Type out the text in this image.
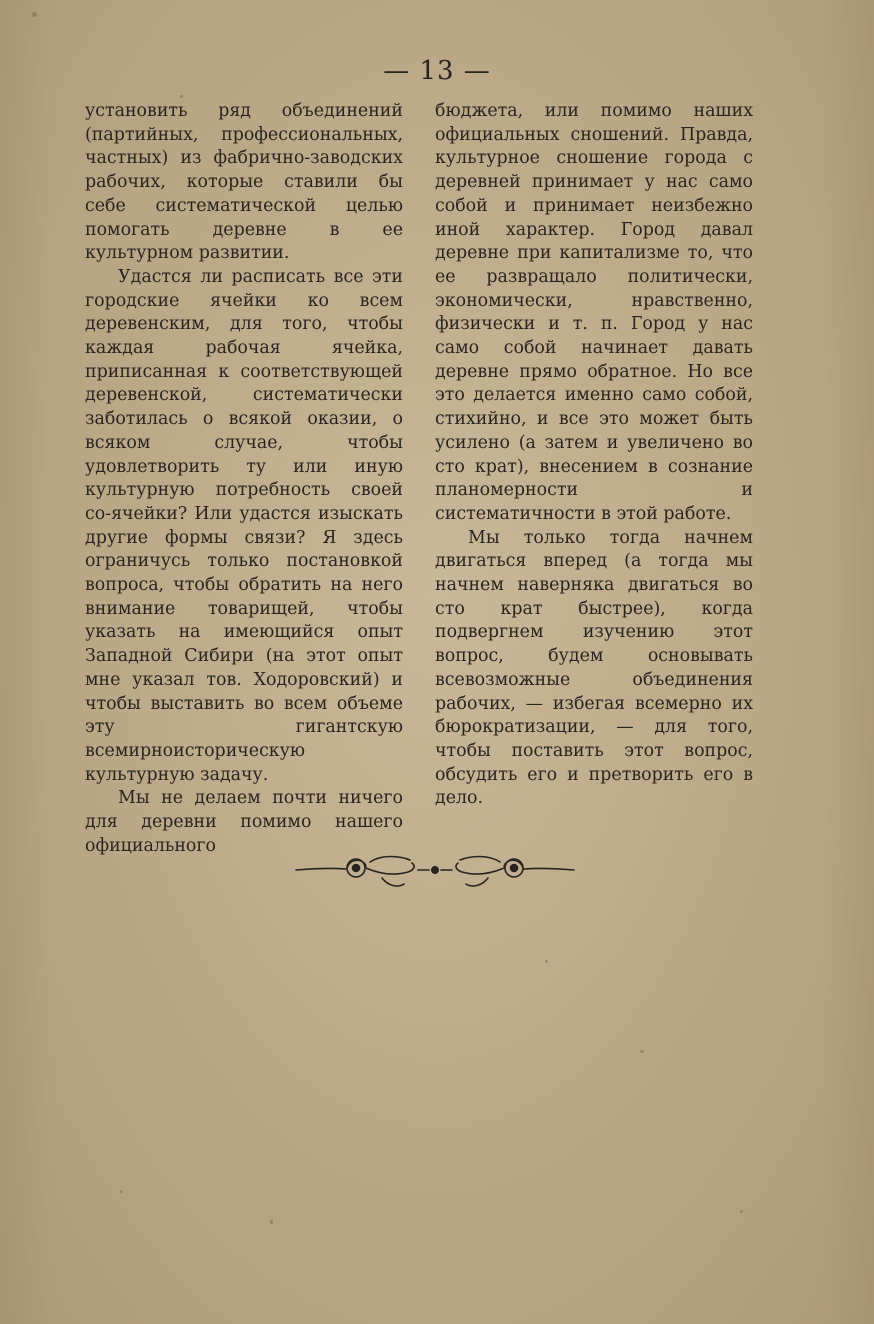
— 13 —

установить ряд объединений (партийных, профессиональных, частных) из фабрично-заводских рабочих, которые ставили бы себе систематической целью помогать деревне в ее культурном развитии.

Удастся ли расписать все эти городские ячейки ко всем деревенским, для того, чтобы каждая рабочая ячейка, приписанная к соответствующей деревенской, систематически заботилась о всякой оказии, о всяком случае, чтобы удовлетворить ту или иную культурную потребность своей со-ячейки? Или удастся изыскать другие формы связи? Я здесь ограничусь только постановкой вопроса, чтобы обратить на него внимание товарищей, чтобы указать на имеющийся опыт Западной Сибири (на этот опыт мне указал тов. Ходоровский) и чтобы выставить во всем объеме эту гигантскую всемирноисторическую культурную задачу.

Мы не делаем почти ничего для деревни помимо нашего официального

бюджета, или помимо наших официальных сношений. Правда, культурное сношение города с деревней принимает у нас само собой и принимает неизбежно иной характер. Город давал деревне при капитализме то, что ее развращало политически, экономически, нравственно, физически и т. п. Город у нас само собой начинает давать деревне прямо обратное. Но все это делается именно само собой, стихийно, и все это может быть усилено (а затем и увеличено во сто крат), внесением в сознание планомерности и систематичности в этой работе.

Мы только тогда начнем двигаться вперед (а тогда мы начнем наверняка двигаться во сто крат быстрее), когда подвергнем изучению этот вопрос, будем основывать всевозможные объединения рабочих, — избегая всемерно их бюрократизации, — для того, чтобы поставить этот вопрос, обсудить его и претворить его в дело.
